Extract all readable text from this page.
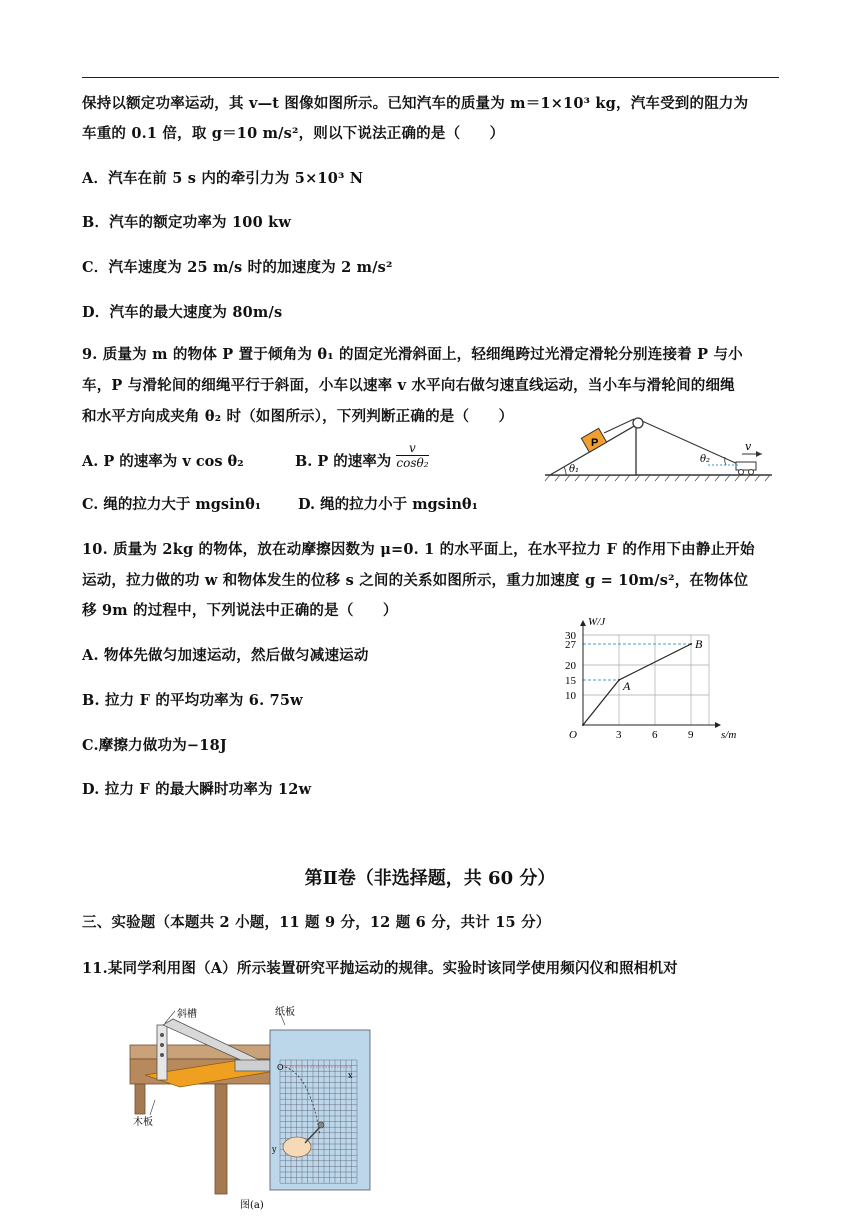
保持以额定功率运动，其 v—t 图像如图所示。已知汽车的质量为 m＝1×10³ kg，汽车受到的阻力为
车重的 0.1 倍，取 g＝10 m/s²，则以下说法正确的是（　　）
A．汽车在前 5 s 内的牵引力为 5×10³ N
B．汽车的额定功率为 100 kw
C．汽车速度为 25 m/s 时的加速度为 2 m/s²
D．汽车的最大速度为 80m/s
9. 质量为 m 的物体 P 置于倾角为 θ₁ 的固定光滑斜面上，轻细绳跨过光滑定滑轮分别连接着 P 与小
车，P 与滑轮间的细绳平行于斜面，小车以速率 v 水平向右做匀速直线运动，当小车与滑轮间的细绳
和水平方向成夹角 θ₂ 时（如图所示），下列判断正确的是（　　）
A. P 的速率为 v cos θ₂	B. P 的速率为 $\frac{v}{\text{cosθ₂}}$
C. 绳的拉力大于 mgsinθ₁	D. 绳的拉力小于 mgsinθ₁
P	v
θ₂
θ₁
10. 质量为 2kg 的物体，放在动摩擦因数为 μ=0. 1 的水平面上，在水平拉力 F 的作用下由静止开始
运动，拉力做的功 w 和物体发生的位移 s 之间的关系如图所示，重力加速度 g = 10m/s²，在物体位
移 9m 的过程中，下列说法中正确的是（　　）
A. 物体先做匀加速运动，然后做匀减速运动
B. 拉力 F 的平均功率为 6. 75w
C.摩擦力做功为−18J
D. 拉力 F 的最大瞬时功率为 12w
3	6	9
10
15
20
27
30
O	s/m
W/J
A
B
第Ⅱ卷（非选择题，共 60 分）
三、实验题（本题共 2 小题，11 题 9 分，12 题 6 分，共计 15 分）
11.某同学利用图（A）所示装置研究平抛运动的规律。实验时该同学使用频闪仪和照相机对
斜槽
x
O
y
纸板
木板
图(a)
